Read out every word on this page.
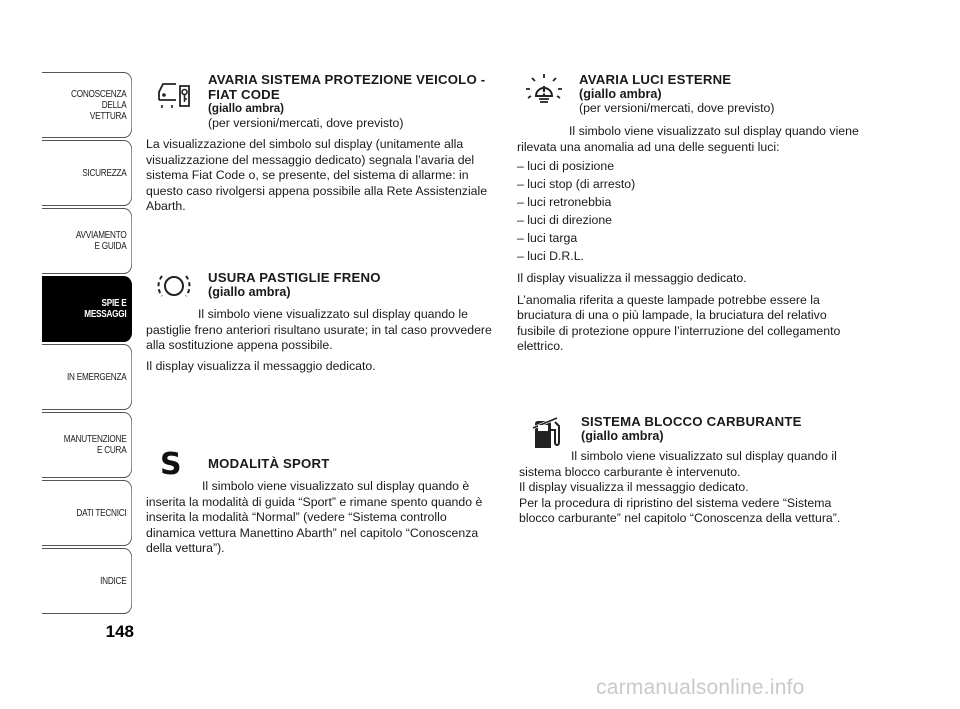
CONOSCENZA
DELLA
VETTURA
SICUREZZA
AVVIAMENTO
E GUIDA
SPIE E
MESSAGGI
IN EMERGENZA
MANUTENZIONE
E CURA
DATI TECNICI
INDICE
148
AVARIA SISTEMA PROTEZIONE VEICOLO - FIAT CODE
(giallo ambra)
(per versioni/mercati, dove previsto)

La visualizzazione del simbolo sul display (unitamente alla visualizzazione del messaggio dedicato) segnala l’avaria del sistema Fiat Code o, se presente, del sistema di allarme: in questo caso rivolgersi appena possibile alla Rete Assistenziale Abarth.

USURA PASTIGLIE FRENO
(giallo ambra)

Il simbolo viene visualizzato sul display quando le pastiglie freno anteriori risultano usurate; in tal caso provvedere alla sostituzione appena possibile.

Il display visualizza il messaggio dedicato.

S MODALITÀ SPORT

Il simbolo viene visualizzato sul display quando è inserita la modalità di guida “Sport” e rimane spento quando è inserita la modalità “Normal” (vedere “Sistema controllo dinamica vettura Manettino Abarth” nel capitolo “Conoscenza della vettura”).

AVARIA LUCI ESTERNE
(giallo ambra)
(per versioni/mercati, dove previsto)

Il simbolo viene visualizzato sul display quando viene rilevata una anomalia ad una delle seguenti luci:

– luci di posizione
– luci stop (di arresto)
– luci retronebbia
– luci di direzione
– luci targa
– luci D.R.L.

Il display visualizza il messaggio dedicato.

L’anomalia riferita a queste lampade potrebbe essere la bruciatura di una o più lampade, la bruciatura del relativo fusibile di protezione oppure l’interruzione del collegamento elettrico.

SISTEMA BLOCCO CARBURANTE
(giallo ambra)

Il simbolo viene visualizzato sul display quando il sistema blocco carburante è intervenuto.

Il display visualizza il messaggio dedicato.

Per la procedura di ripristino del sistema vedere “Sistema blocco carburante” nel capitolo “Conoscenza della vettura”.

carmanualsonline.info
